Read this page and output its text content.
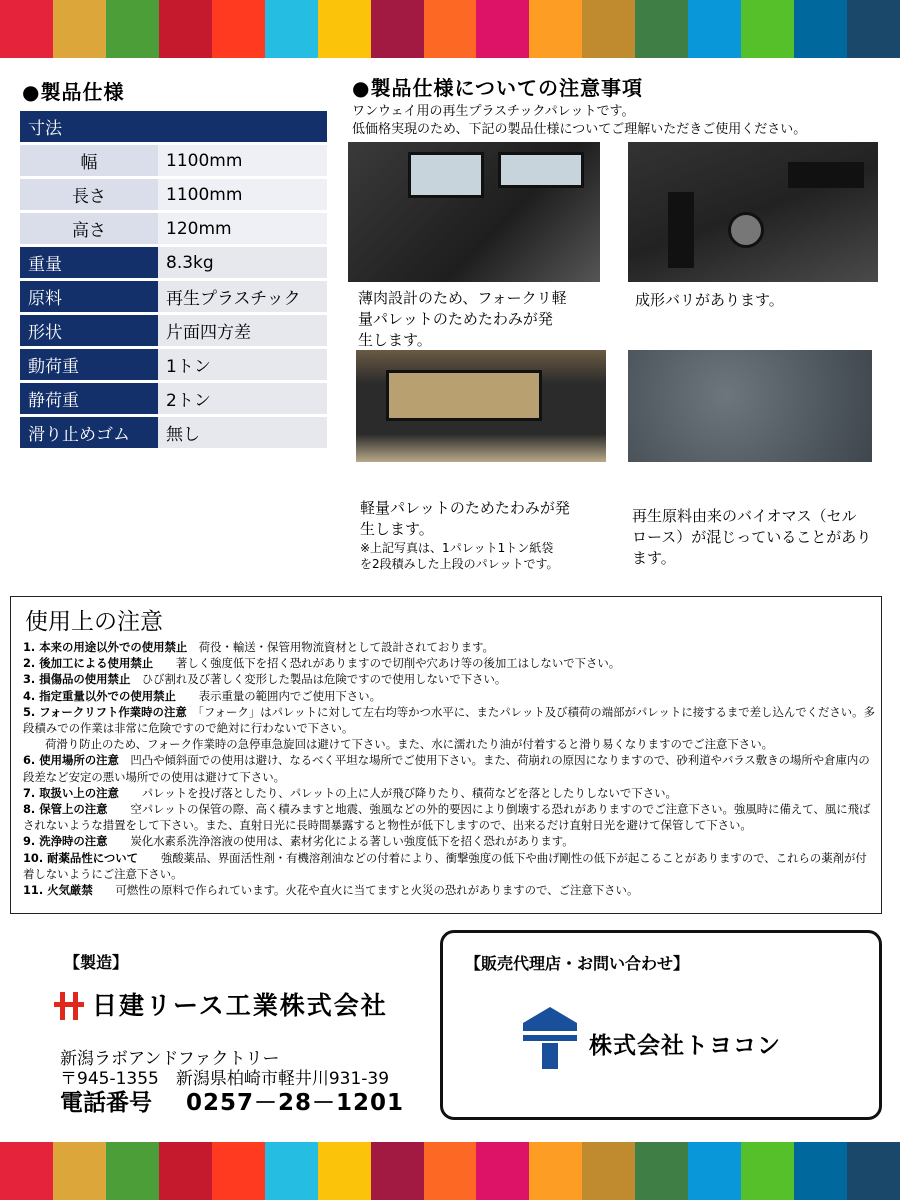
●製品仕様
寸法	
幅	1100mm
長さ	1100mm
高さ	120mm
重量	8.3kg
原料	再生プラスチック
形状	片面四方差
動荷重	1トン
静荷重	2トン
滑り止めゴム	無し
●製品仕様についての注意事項
ワンウェイ用の再生プラスチックパレットです。
低価格実現のため、下記の製品仕様についてご理解いただきご使用ください。
薄肉設計のため、フォークリ軽
量パレットのためたわみが発
生します。
成形バリがあります。
軽量パレットのためたわみが発
生します。
※上記写真は、1パレット1トン紙袋
を2段積みした上段のパレットです。
再生原料由来のバイオマス（セル
ロース）が混じっていることがあり
ます。
使用上の注意
1. 本来の用途以外での使用禁止　荷役・輸送・保管用物流資材として設計されております。
2. 後加工による使用禁止　　著しく強度低下を招く恐れがありますので切削や穴あけ等の後加工はしないで下さい。
3. 損傷品の使用禁止　ひび割れ及び著しく変形した製品は危険ですので使用しないで下さい。
4. 指定重量以外での使用禁止　　表示重量の範囲内でご使用下さい。
5. フォークリフト作業時の注意　「フォーク」はパレットに対して左右均等かつ水平に、またパレット及び積荷の端部がパレットに接するまで差し込んでください。多段積みでの作業は非常に危険ですので絶対に行わないで下さい。
荷滑り防止のため、フォーク作業時の急停車急旋回は避けて下さい。また、水に濡れたり油が付着すると滑り易くなりますのでご注意下さい。
6. 使用場所の注意　凹凸や傾斜面での使用は避け、なるべく平坦な場所でご使用下さい。また、荷崩れの原因になりますので、砂利道やバラス敷きの場所や倉庫内の段差など安定の悪い場所での使用は避けて下さい。
7. 取扱い上の注意　　パレットを投げ落としたり、パレットの上に人が飛び降りたり、積荷などを落としたりしないで下さい。
8. 保管上の注意　　空パレットの保管の際、高く積みますと地震、強風などの外的要因により倒壊する恐れがありますのでご注意下さい。強風時に備えて、風に飛ばされないような措置をして下さい。また、直射日光に長時間暴露すると物性が低下しますので、出来るだけ直射日光を避けて保管して下さい。
9. 洗浄時の注意　　炭化水素系洗浄溶液の使用は、素材劣化による著しい強度低下を招く恐れがあります。
10. 耐薬品性について　　強酸薬品、界面活性剤・有機溶剤油などの付着により、衝撃強度の低下や曲げ剛性の低下が起こることがありますので、これらの薬剤が付着しないようにご注意下さい。
11. 火気厳禁　　可燃性の原料で作られています。火花や直火に当てますと火災の恐れがありますので、ご注意下さい。
【製造】
日建リース工業株式会社
新潟ラボアンドファクトリー
〒945-1355　新潟県柏崎市軽井川931-39
電話番号 0257－28－1201
【販売代理店・お問い合わせ】
株式会社トヨコン
